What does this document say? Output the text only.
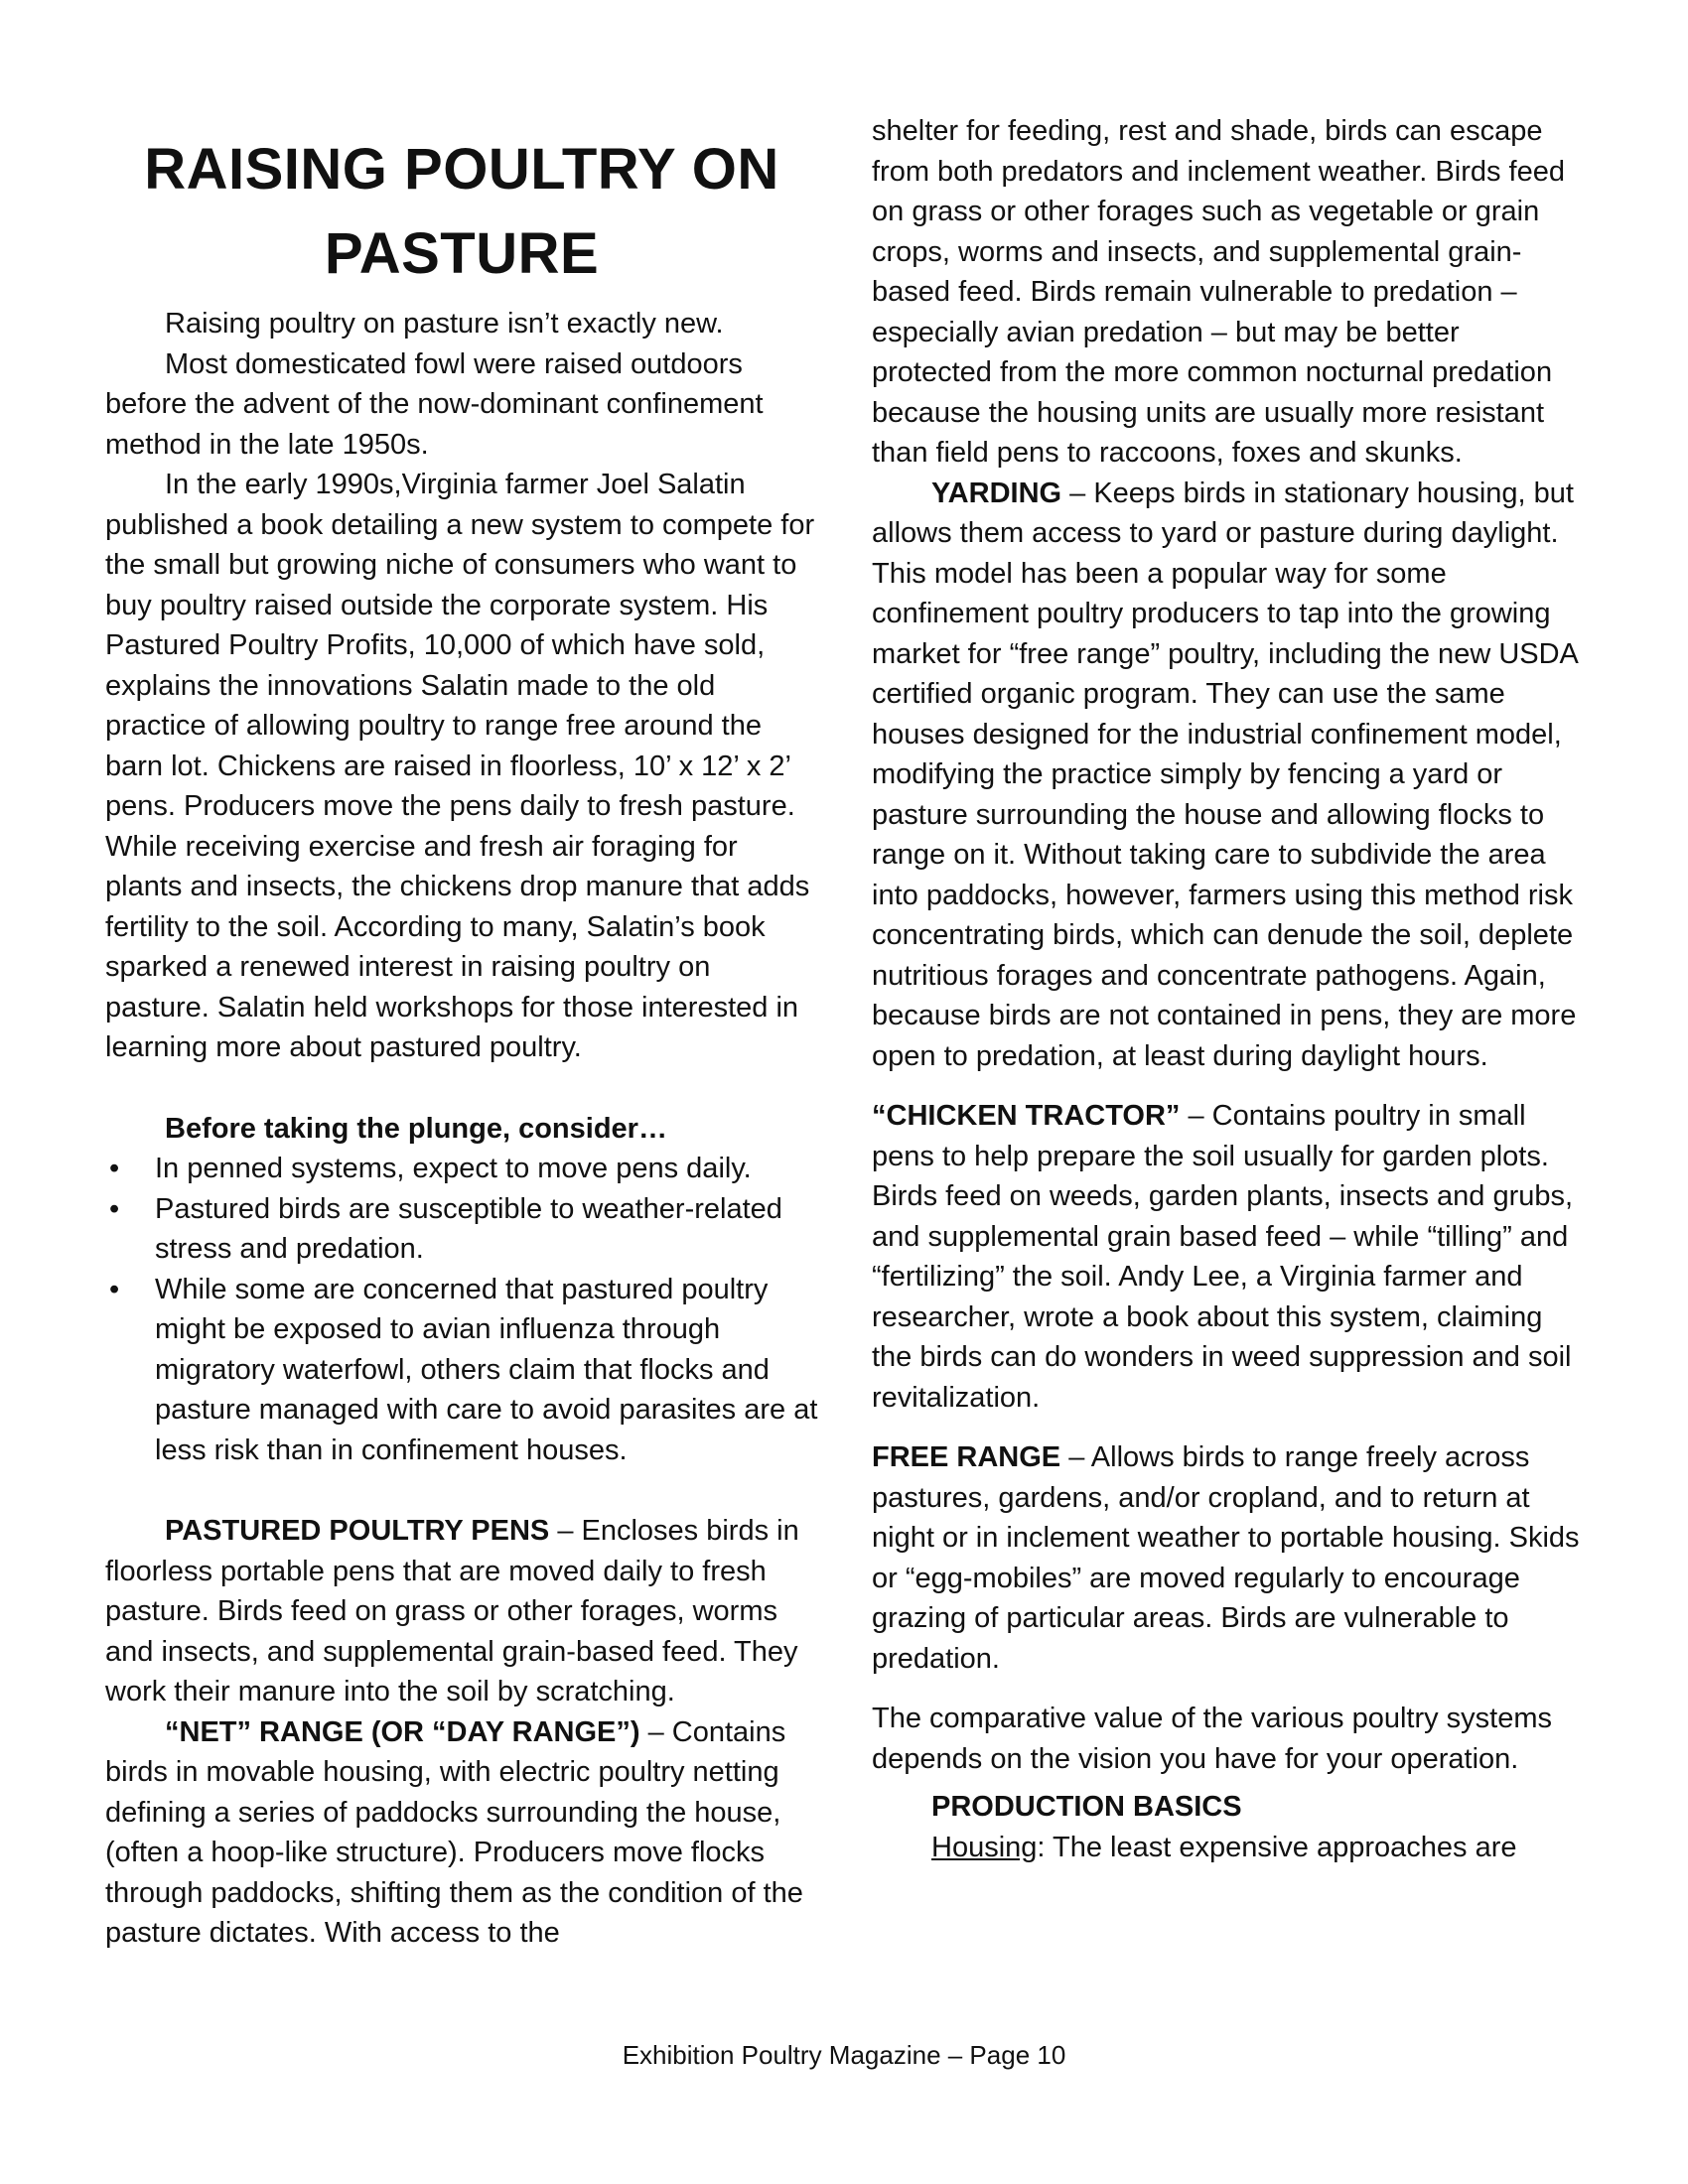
RAISING POULTRY ON PASTURE

Raising poultry on pasture isn’t exactly new.

Most domesticated fowl were raised outdoors before the advent of the now-dominant confinement method in the late 1950s.

In the early 1990s,Virginia farmer Joel Salatin published a book detailing a new system to compete for the small but growing niche of consumers who want to buy poultry raised outside the corporate system. His Pastured Poultry Profits, 10,000 of which have sold, explains the innovations Salatin made to the old practice of allowing poultry to range free around the barn lot. Chickens are raised in floorless, 10’ x 12’ x 2’ pens. Producers move the pens daily to fresh pasture. While receiving exercise and fresh air foraging for plants and insects, the chickens drop manure that adds fertility to the soil. According to many, Salatin’s book sparked a renewed interest in raising poultry on pasture. Salatin held workshops for those interested in learning more about pastured poultry.

Before taking the plunge, consider…

• In penned systems, expect to move pens daily.
• Pastured birds are susceptible to weather-related stress and predation.
• While some are concerned that pastured poultry might be exposed to avian influenza through migratory waterfowl, others claim that flocks and pasture managed with care to avoid parasites are at less risk than in confinement houses.

PASTURED POULTRY PENS – Encloses birds in floorless portable pens that are moved daily to fresh pasture. Birds feed on grass or other forages, worms and insects, and supplemental grain-based feed. They work their manure into the soil by scratching.

“NET” RANGE (OR “DAY RANGE”) – Contains birds in movable housing, with electric poultry netting defining a series of paddocks surrounding the house, (often a hoop-like structure). Producers move flocks through paddocks, shifting them as the condition of the pasture dictates. With access to the

shelter for feeding, rest and shade, birds can escape from both predators and inclement weather. Birds feed on grass or other forages such as vegetable or grain crops, worms and insects, and supplemental grain-based feed. Birds remain vulnerable to predation – especially avian predation – but may be better protected from the more common nocturnal predation because the housing units are usually more resistant than field pens to raccoons, foxes and skunks.

YARDING – Keeps birds in stationary housing, but allows them access to yard or pasture during daylight. This model has been a popular way for some confinement poultry producers to tap into the growing market for “free range” poultry, including the new USDA certified organic program. They can use the same houses designed for the industrial confinement model, modifying the practice simply by fencing a yard or pasture surrounding the house and allowing flocks to range on it. Without taking care to subdivide the area into paddocks, however, farmers using this method risk concentrating birds, which can denude the soil, deplete nutritious forages and concentrate pathogens. Again, because birds are not contained in pens, they are more open to predation, at least during daylight hours.

“CHICKEN TRACTOR” – Contains poultry in small pens to help prepare the soil usually for garden plots. Birds feed on weeds, garden plants, insects and grubs, and supplemental grain based feed – while “tilling” and “fertilizing” the soil. Andy Lee, a Virginia farmer and researcher, wrote a book about this system, claiming the birds can do wonders in weed suppression and soil revitalization.

FREE RANGE – Allows birds to range freely across pastures, gardens, and/or cropland, and to return at night or in inclement weather to portable housing. Skids or “egg-mobiles” are moved regularly to encourage grazing of particular areas. Birds are vulnerable to predation.

The comparative value of the various poultry systems depends on the vision you have for your operation.

PRODUCTION BASICS

Housing: The least expensive approaches are

Exhibition Poultry Magazine – Page 10
